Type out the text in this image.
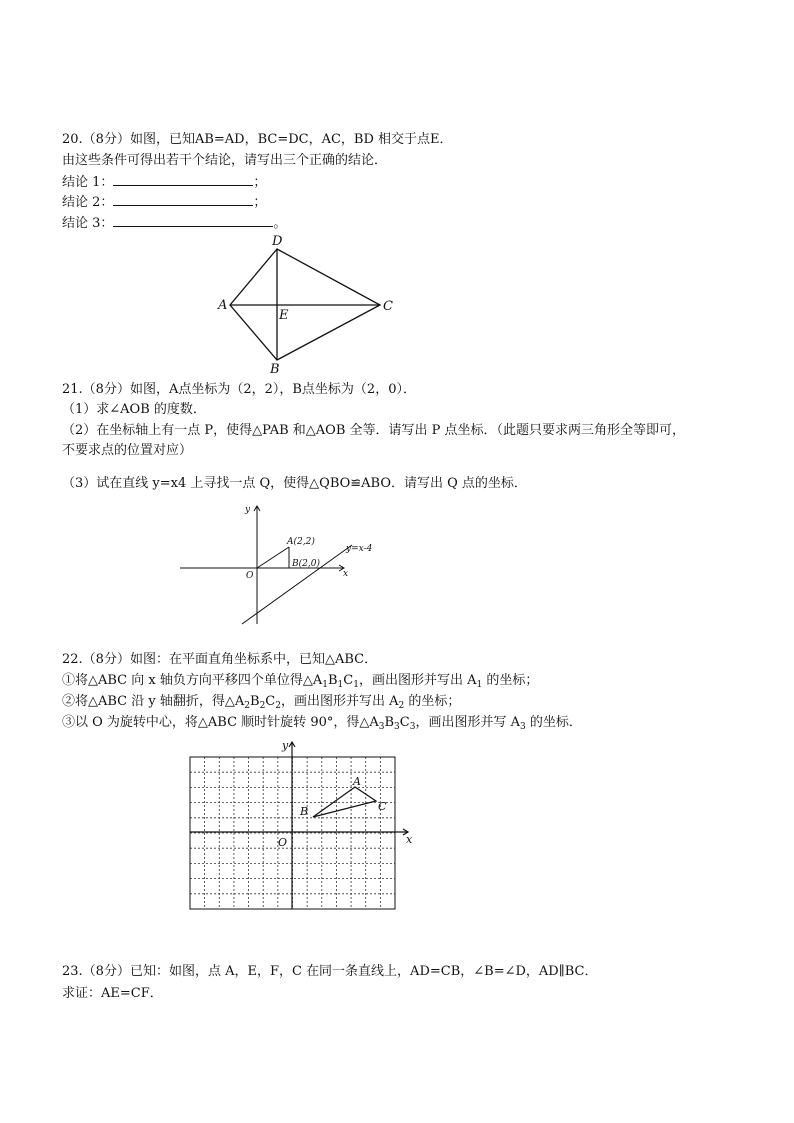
20.（8分）如图，已知AB=AD，BC=DC，AC，BD 相交于点E．
由这些条件可得出若干个结论，请写出三个正确的结论．
结论 1：	；
结论 2：	；
结论 3：	。
D
A
E
C
B
21.（8分）如图，A点坐标为（2，2），B点坐标为（2，0）．
（1）求∠AOB 的度数．
（2）在坐标轴上有一点 P，使得△PAB 和△AOB 全等．请写出 P 点坐标．（此题只要求两三角形全等即可，
不要求点的位置对应）
（3）试在直线 y=x4 上寻找一点 Q，使得△QBO≌ABO．请写出 Q 点的坐标．
y
x
O
A(2,2)
B(2,0)
y=x-4
22.（8分）如图：在平面直角坐标系中，已知△ABC．
①将△ABC 向 x 轴负方向平移四个单位得$\triangle A_1B_1C_1$，画出图形并写出 $A_1$ 的坐标；
②将△ABC 沿 y 轴翻折，得$\triangle A_2B_2C_2$，画出图形并写出 $A_2$ 的坐标；
③以 O 为旋转中心，将△ABC 顺时针旋转 90°，得$\triangle A_3B_3C_3$，画出图形并写 $A_3$ 的坐标．
y
x
O
A
B	C
23.（8分）已知：如图，点 A，E，F，C 在同一条直线上，AD=CB，∠B=∠D，AD∥BC．
求证：AE=CF．
